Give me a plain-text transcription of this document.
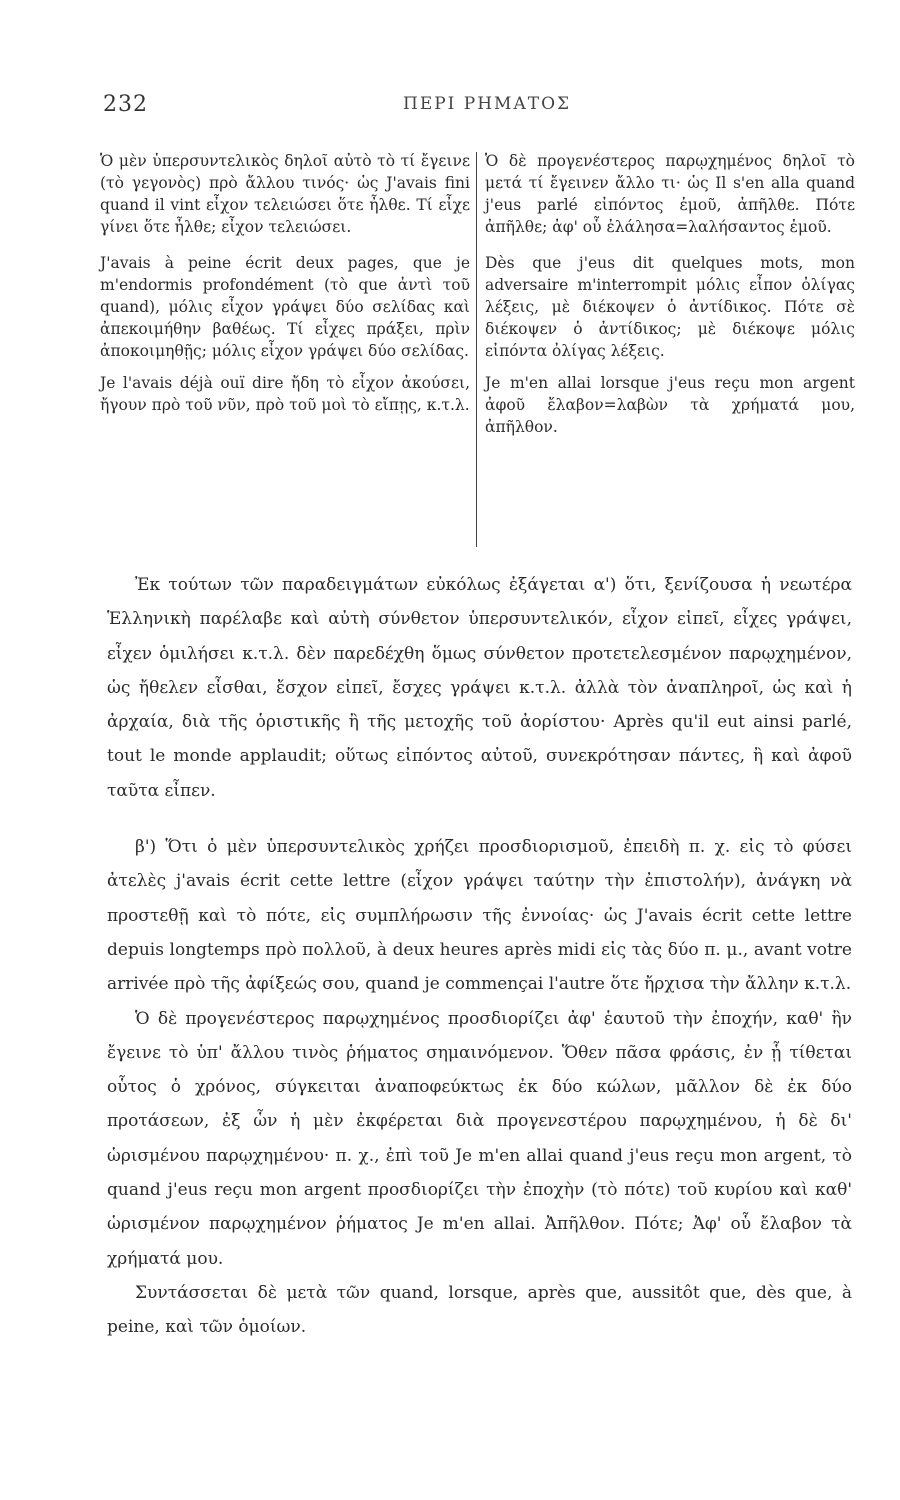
232	ΠΕΡΙ ΡΗΜΑΤΟΣ

Ὁ μὲν ὑπερσυντελικὸς δηλοῖ αὐτὸ τὸ τί ἔγεινε (τὸ γεγονὸς) πρὸ ἄλλου τινός· ὡς J'avais fini quand il vint εἶχον τελειώσει ὅτε ἦλθε. Τί εἶχε γίνει ὅτε ἦλθε; εἶχον τελειώσει.

J'avais à peine écrit deux pages, que je m'endormis profondément (τὸ que ἀντὶ τοῦ quand), μόλις εἶχον γράψει δύο σελίδας καὶ ἀπεκοιμήθην βαθέως. Τί εἶχες πράξει, πρὶν ἀποκοιμηθῇς; μόλις εἶχον γράψει δύο σελίδας.

Je l'avais déjà ouï dire ἤδη τὸ εἶχον ἀκούσει, ἤγουν πρὸ τοῦ νῦν, πρὸ τοῦ μοὶ τὸ εἴπῃς, κ.τ.λ.

Ὁ δὲ προγενέστερος παρῳχημένος δηλοῖ τὸ μετά τί ἔγεινεν ἄλλο τι· ὡς Il s'en alla quand j'eus parlé εἰπόντος ἐμοῦ, ἀπῆλθε. Πότε ἀπῆλθε; ἀφ' οὗ ἐλάλησα=λαλήσαντος ἐμοῦ.

Dès que j'eus dit quelques mots, mon adversaire m'interrompit μόλις εἶπον ὀλίγας λέξεις, μὲ διέκοψεν ὁ ἀντίδικος. Πότε σὲ διέκοψεν ὁ ἀντίδικος; μὲ διέκοψε μόλις εἰπόντα ὀλίγας λέξεις.

Je m'en allai lorsque j'eus reçu mon argent ἀφοῦ ἔλαβον=λαβὼν τὰ χρήματά μου, ἀπῆλθον.

Ἐκ τούτων τῶν παραδειγμάτων εὐκόλως ἐξάγεται α') ὅτι, ξενίζουσα ἡ νεωτέρα Ἑλληνικὴ παρέλαβε καὶ αὐτὴ σύνθετον ὑπερσυντελικόν, εἶχον εἰπεῖ, εἶχες γράψει, εἶχεν ὁμιλήσει κ.τ.λ. δὲν παρεδέχθη ὅμως σύνθετον προτετελεσμένον παρῳχημένον, ὡς ἤθελεν εἶσθαι, ἔσχον εἰπεῖ, ἔσχες γράψει κ.τ.λ. ἀλλὰ τὸν ἀναπληροῖ, ὡς καὶ ἡ ἀρχαία, διὰ τῆς ὁριστικῆς ἢ τῆς μετοχῆς τοῦ ἀορίστου· Après qu'il eut ainsi parlé, tout le monde applaudit; οὕτως εἰπόντος αὐτοῦ, συνεκρότησαν πάντες, ἢ καὶ ἀφοῦ ταῦτα εἶπεν.

β') Ὅτι ὁ μὲν ὑπερσυντελικὸς χρήζει προσδιορισμοῦ, ἐπειδὴ π. χ. εἰς τὸ φύσει ἀτελὲς j'avais écrit cette lettre (εἶχον γράψει ταύτην τὴν ἐπιστολήν), ἀνάγκη νὰ προστεθῇ καὶ τὸ πότε, εἰς συμπλήρωσιν τῆς ἐννοίας· ὡς J'avais écrit cette lettre depuis longtemps πρὸ πολλοῦ, à deux heures après midi εἰς τὰς δύο π. μ., avant votre arrivée πρὸ τῆς ἀφίξεώς σου, quand je commençai l'autre ὅτε ἤρχισα τὴν ἄλλην κ.τ.λ.

Ὁ δὲ προγενέστερος παρῳχημένος προσδιορίζει ἀφ' ἑαυτοῦ τὴν ἐποχήν, καθ' ἣν ἔγεινε τὸ ὑπ' ἄλλου τινὸς ῥήματος σημαινόμενον. Ὅθεν πᾶσα φράσις, ἐν ᾗ τίθεται οὗτος ὁ χρόνος, σύγκειται ἀναποφεύκτως ἐκ δύο κώλων, μᾶλλον δὲ ἐκ δύο προτάσεων, ἐξ ὧν ἡ μὲν ἐκφέρεται διὰ προγενεστέρου παρῳχημένου, ἡ δὲ δι' ὡρισμένου παρῳχημένου· π. χ., ἐπὶ τοῦ Je m'en allai quand j'eus reçu mon argent, τὸ quand j'eus reçu mon argent προσδιορίζει τὴν ἐποχὴν (τὸ πότε) τοῦ κυρίου καὶ καθ' ὡρισμένον παρῳχημένον ῥήματος Je m'en allai. Ἀπῆλθον. Πότε; Ἀφ' οὗ ἔλαβον τὰ χρήματά μου.

Συντάσσεται δὲ μετὰ τῶν quand, lorsque, après que, aussitôt que, dès que, à peine, καὶ τῶν ὁμοίων.
